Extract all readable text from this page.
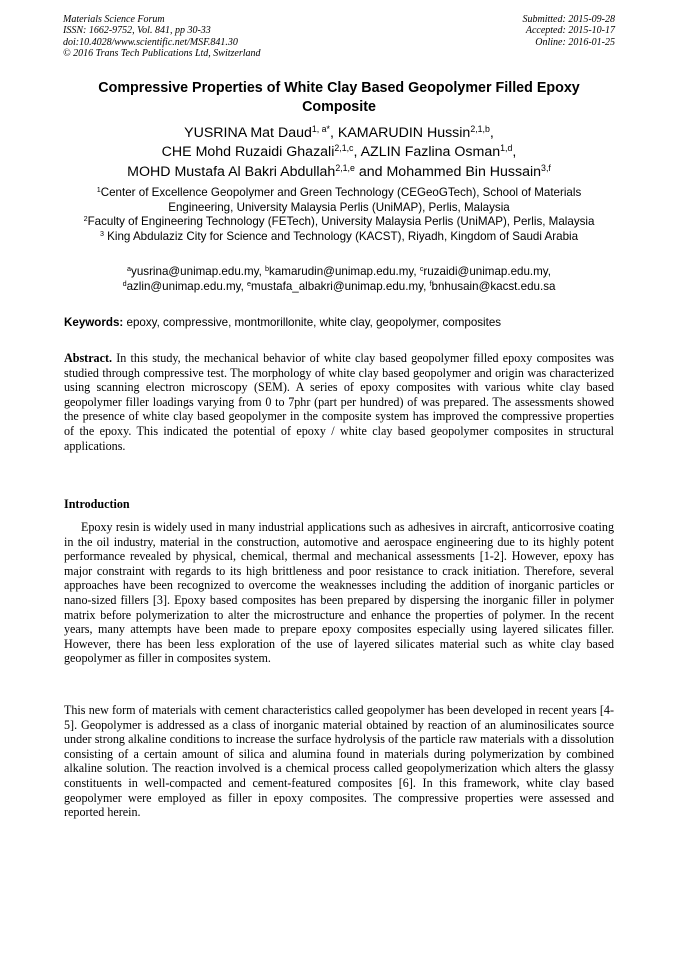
Materials Science Forum
ISSN: 1662-9752, Vol. 841, pp 30-33
doi:10.4028/www.scientific.net/MSF.841.30
© 2016 Trans Tech Publications Ltd, Switzerland
Submitted: 2015-09-28
Accepted: 2015-10-17
Online: 2016-01-25
Compressive Properties of White Clay Based Geopolymer Filled Epoxy Composite
YUSRINA Mat Daud$^{1, a*}$, KAMARUDIN Hussin$^{2,1,b}$,
CHE Mohd Ruzaidi Ghazali$^{2,1,c}$, AZLIN Fazlina Osman$^{1,d}$,
MOHD Mustafa Al Bakri Abdullah$^{2,1,e}$ and Mohammed Bin Hussain$^{3,f}$
$^1$Center of Excellence Geopolymer and Green Technology (CEGeoGTech), School of Materials Engineering, University Malaysia Perlis (UniMAP), Perlis, Malaysia
$^2$Faculty of Engineering Technology (FETech), University Malaysia Perlis (UniMAP), Perlis, Malaysia
$^3$ King Abdulaziz City for Science and Technology (KACST), Riyadh, Kingdom of Saudi Arabia
$^a$yusrina@unimap.edu.my, $^b$kamarudin@unimap.edu.my, $^c$ruzaidi@unimap.edu.my,
$^d$azlin@unimap.edu.my, $^e$mustafa_albakri@unimap.edu.my, $^f$bnhusain@kacst.edu.sa
Keywords: epoxy, compressive, montmorillonite, white clay, geopolymer, composites

Abstract. In this study, the mechanical behavior of white clay based geopolymer filled epoxy composites was studied through compressive test. The morphology of white clay based geopolymer and origin was characterized using scanning electron microscopy (SEM). A series of epoxy composites with various white clay based geopolymer filler loadings varying from 0 to 7phr (part per hundred) of was prepared. The assessments showed the presence of white clay based geopolymer in the composite system has improved the compressive properties of the epoxy. This indicated the potential of epoxy / white clay based geopolymer composites in structural applications.

Introduction

Epoxy resin is widely used in many industrial applications such as adhesives in aircraft, anticorrosive coating in the oil industry, material in the construction, automotive and aerospace engineering due to its highly potent performance revealed by physical, chemical, thermal and mechanical assessments [1-2]. However, epoxy has major constraint with regards to its high brittleness and poor resistance to crack initiation. Therefore, several approaches have been recognized to overcome the weaknesses including the addition of inorganic particles or nano-sized fillers [3]. Epoxy based composites has been prepared by dispersing the inorganic filler in polymer matrix before polymerization to alter the microstructure and enhance the properties of polymer. In the recent years, many attempts have been made to prepare epoxy composites especially using layered silicates filler. However, there has been less exploration of the use of layered silicates material such as white clay based geopolymer as filler in composites system.

This new form of materials with cement characteristics called geopolymer has been developed in recent years [4-5]. Geopolymer is addressed as a class of inorganic material obtained by reaction of an aluminosilicates source under strong alkaline conditions to increase the surface hydrolysis of the particle raw materials with a dissolution consisting of a certain amount of silica and alumina found in materials during polymerization by combined alkaline solution. The reaction involved is a chemical process called geopolymerization which alters the glassy constituents in well-compacted and cement-featured composites [6]. In this framework, white clay based geopolymer were employed as filler in epoxy composites. The compressive properties were assessed and reported herein.
